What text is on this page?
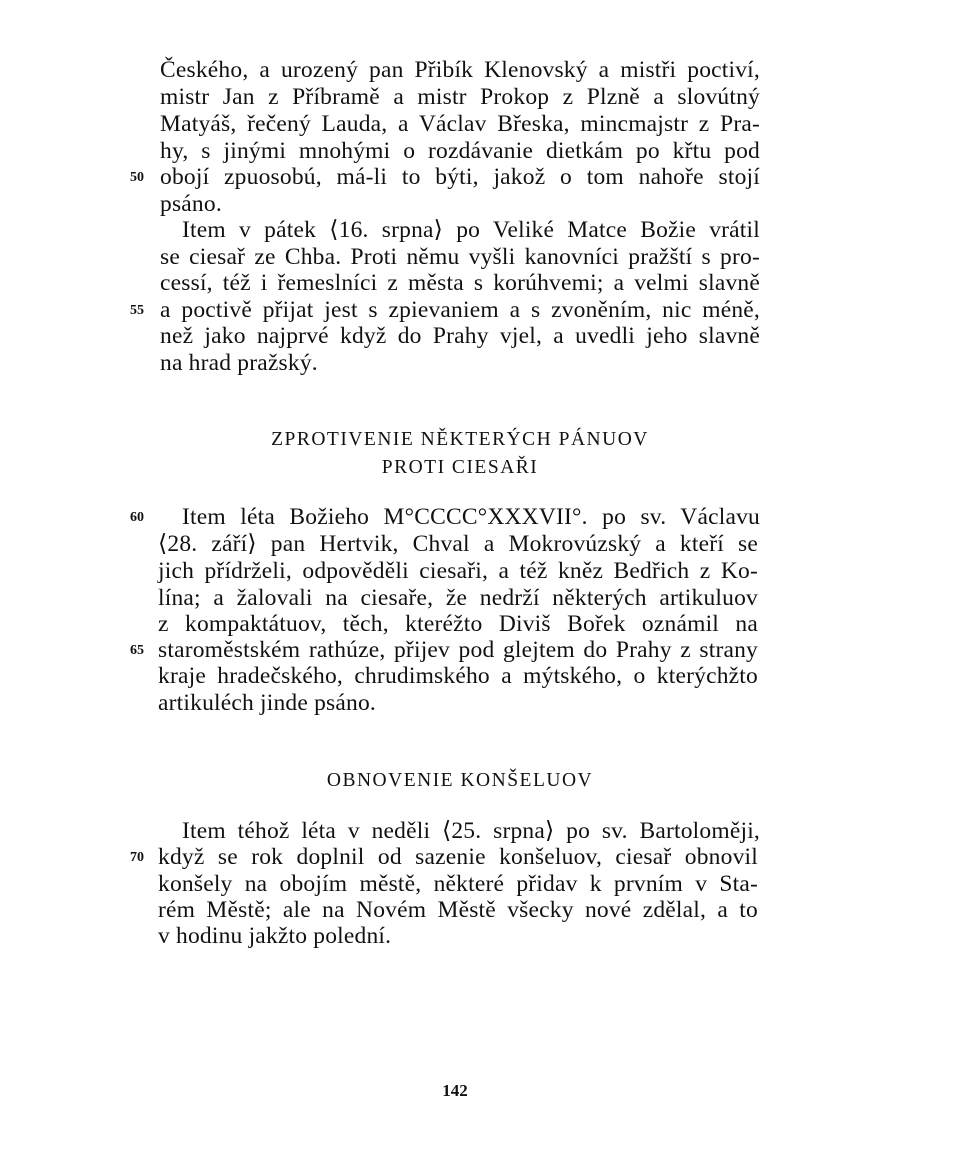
Českého, a urozený pan Přibík Klenovský a mistři poctiví,
mistr Jan z Příbramě a mistr Prokop z Plzně a slovútný
Matyáš, řečený Lauda, a Václav Břeska, mincmajstr z Pra-
hy, s jinými mnohými o rozdávanie dietkám po křtu pod
obojí zpuosobú, má-li to býti, jakož o tom nahoře stojí
psáno.
50
Item v pátek ⟨16. srpna⟩ po Veliké Matce Božie vrátil
se ciesař ze Chba. Proti němu vyšli kanovníci pražští s pro-
cessí, též i řemeslníci z města s korúhvemi; a velmi slavně
a poctivě přijat jest s zpievaniem a s zvoněním, nic méně,
než jako najprvé když do Prahy vjel, a uvedli jeho slavně
na hrad pražský.
55
ZPROTIVENIE NĚKTERÝCH PÁNUOV
PROTI CIESAŘI
Item léta Božieho M°CCCC°XXXVII°. po sv. Václavu
⟨28. září⟩ pan Hertvik, Chval a Mokrovúzský a kteří se
jich přídrželi, odpověděli ciesaři, a též kněz Bedřich z Ko-
lína; a žalovali na ciesaře, že nedrží některých artikuluov
z kompaktátuov, těch, kteréžto Diviš Bořek oznámil na
staroměstském rathúze, přijev pod glejtem do Prahy z strany
kraje hradečského, chrudimského a mýtského, o kterýchžto
artikuléch jinde psáno.
60
65
OBNOVENIE KONŠELUOV
Item téhož léta v neděli ⟨25. srpna⟩ po sv. Bartoloměji,
když se rok doplnil od sazenie konšeluov, ciesař obnovil
konšely na obojím městě, některé přidav k prvním v Sta-
rém Městě; ale na Novém Městě všecky nové zdělal, a to
v hodinu jakžto polední.
70
142
